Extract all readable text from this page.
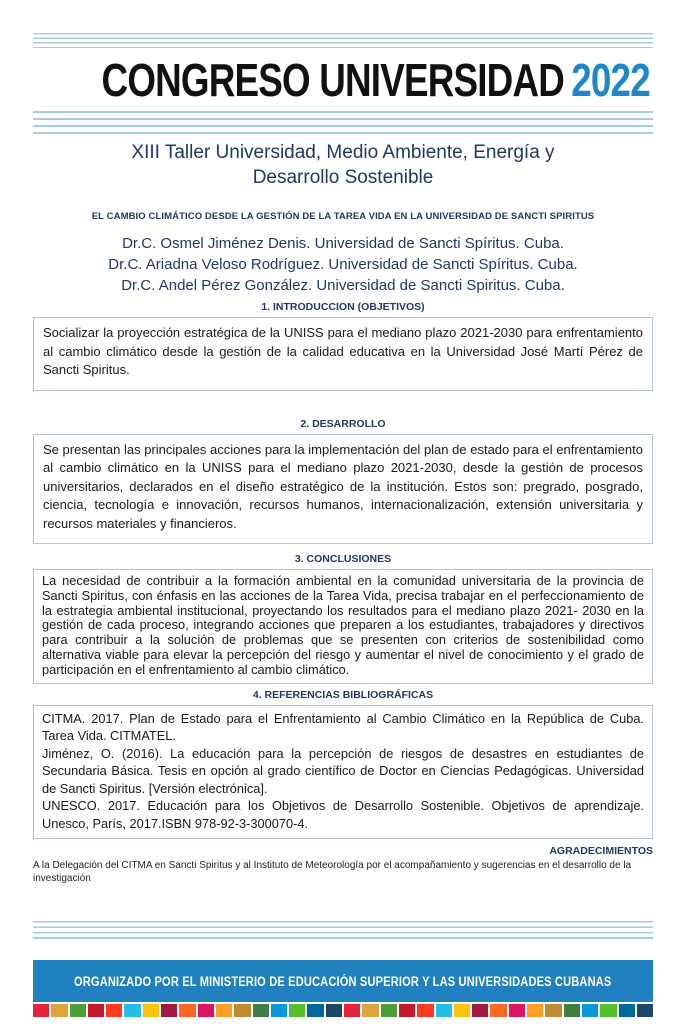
CONGRESO UNIVERSIDAD 2022
XIII Taller Universidad, Medio Ambiente, Energía y
Desarrollo Sostenible
EL CAMBIO CLIMÁTICO DESDE LA GESTIÓN DE LA TAREA VIDA EN LA UNIVERSIDAD DE SANCTI SPIRITUS
Dr.C. Osmel Jiménez Denis. Universidad de Sancti Spíritus. Cuba.
Dr.C. Ariadna Veloso Rodríguez. Universidad de Sancti Spíritus. Cuba.
Dr.C. Andel Pérez González. Universidad de Sancti Spiritus. Cuba.
1. INTRODUCCION (OBJETIVOS)

Socializar la proyección estratégica de la UNISS para el mediano plazo 2021-2030 para enfrentamiento al cambio climático desde la gestión de la calidad educativa en la Universidad José Martí Pérez de Sancti Spiritus.

2. DESARROLLO

Se presentan las principales acciones para la implementación del plan de estado para el enfrentamiento al cambio climático en la UNISS para el mediano plazo 2021-2030, desde la gestión de procesos universitarios, declarados en el diseño estratégico de la institución. Estos son: pregrado, posgrado, ciencia, tecnología e innovación, recursos humanos, internacionalización, extensión universitaria y recursos materiales y financieros.

3. CONCLUSIONES

La necesidad de contribuir a la formación ambiental en la comunidad universitaria de la provincia de Sancti Spiritus, con énfasis en las acciones de la Tarea Vida, precisa trabajar en el perfeccionamiento de la estrategia ambiental institucional, proyectando los resultados para el mediano plazo 2021- 2030 en la gestión de cada proceso, integrando acciones que preparen a los estudiantes, trabajadores y directivos para contribuir a la solución de problemas que se presenten con criterios de sostenibilidad como alternativa viable para elevar la percepción del riesgo y aumentar el nivel de conocimiento y el grado de participación en el enfrentamiento al cambio climático.

4. REFERENCIAS BIBLIOGRÁFICAS

CITMA. 2017. Plan de Estado para el Enfrentamiento al Cambio Climático en la República de Cuba. Tarea Vida. CITMATEL.

Jiménez, O. (2016). La educación para la percepción de riesgos de desastres en estudiantes de Secundaria Básica. Tesis en opción al grado científico de Doctor en Ciencias Pedagógicas. Universidad de Sancti Spiritus. [Versión electrónica].

UNESCO. 2017. Educación para los Objetivos de Desarrollo Sostenible. Objetivos de aprendizaje. Unesco, París, 2017.ISBN 978-92-3-300070-4.

AGRADECIMIENTOS
A la Delegación del CITMA en Sancti Spiritus y al Instituto de Meteorología por el acompañamiento y sugerencias en el desarrollo de la investigación
ORGANIZADO POR EL MINISTERIO DE EDUCACIÓN SUPERIOR Y LAS UNIVERSIDADES CUBANAS
